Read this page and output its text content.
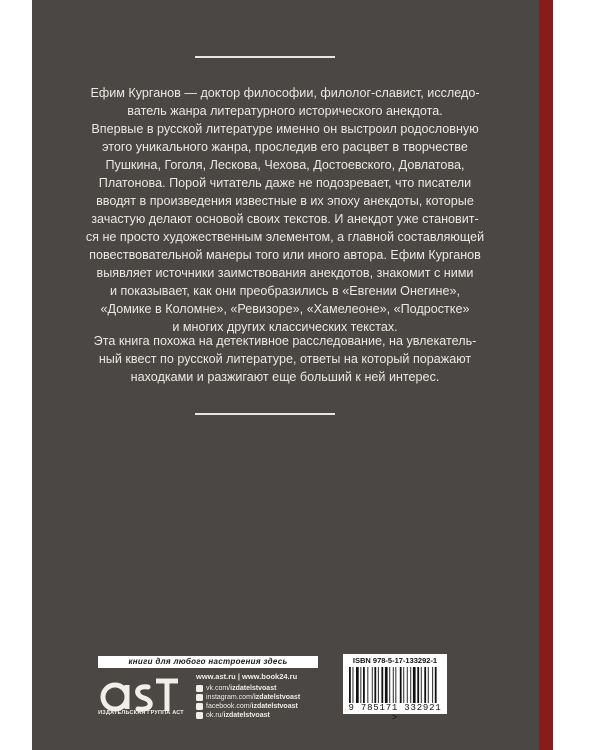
Ефим Курганов — доктор философии, филолог-славист, исследо-
ватель жанра литературного исторического анекдота.
Впервые в русской литературе именно он выстроил родословную
этого уникального жанра, проследив его расцвет в творчестве
Пушкина, Гоголя, Лескова, Чехова, Достоевского, Довлатова,
Платонова. Порой читатель даже не подозревает, что писатели
вводят в произведения известные в их эпоху анекдоты, которые
зачастую делают основой своих текстов. И анекдот уже становит-
ся не просто художественным элементом, а главной составляющей
повествовательной манеры того или иного автора. Ефим Курганов
выявляет источники заимствования анекдотов, знакомит с ними
и показывает, как они преобразились в «Евгении Онегине»,
«Домике в Коломне», «Ревизоре», «Хамелеоне», «Подростке»
и многих других классических текстах.

Эта книга похожа на детективное расследование, на увлекатель-
ный квест по русской литературе, ответы на который поражают
находками и разжигают еще больший к ней интерес.

книги для любого настроения здесь
ИЗДАТЕЛЬСКАЯ ГРУППА АСТ
www.ast.ru | www.book24.ru
vk.com/ izdatelstvoast
instagram.com/ izdatelstvoast
facebook.com/ izdatelstvoast
ok.ru/ izdatelstvoast
ISBN 978-5-17-133292-1
9 785171 332921 >
